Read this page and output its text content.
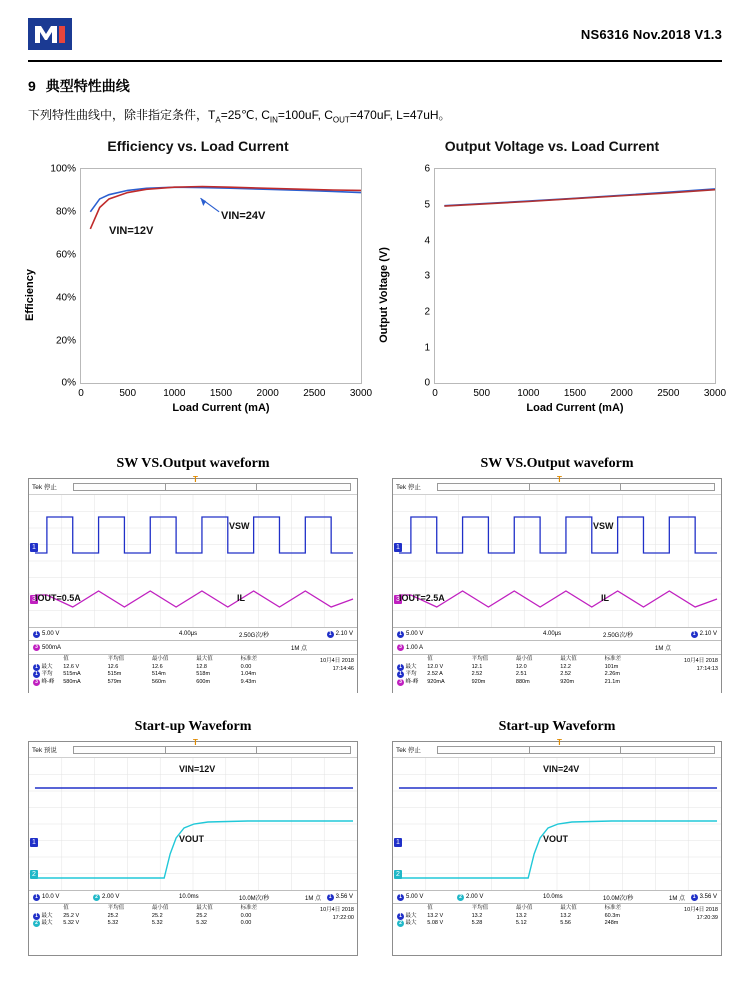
NS6316 Nov.2018 V1.3
9 典型特性曲线
下列特性曲线中，除非指定条件，$T_A=25℃$, $C_{IN}=100uF$, $C_{OUT}=470uF$, L=47uH。
Efficiency vs. Load Current
Efficiency
100%
80%
60%
40%
20%
0%
0	500	1000 1500 2000 2500 3000
VIN=24V
VIN=12V
Load Current (mA)
Output Voltage vs. Load Current
Output Voltage (V)
6
5
4
3
2
1
0
0	500	1000 1500 2000 2500 3000
Load Current (mA)
SW VS.Output waveform
Tek 停止
T
1
3
VSW
IL
IOUT=0.5A
1 5.00 V	4.00μs	2.50G次/秒	1 2.10 V
3 500mA	1M 点
	值	平均值	最小值	最大值	标准差
1 最大	12.6 V	12.6	12.6	12.8	0.00
1 平均	515mA	515m	514m	518m	1.04m
3 峰-峰	580mA	579m	560m	600m	9.43m
10月4日 2018
17:14:46
SW VS.Output waveform
Tek 停止
T
1
3
VSW
IL
IOUT=2.5A
1 5.00 V	4.00μs	2.50G次/秒	1 2.10 V
3 1.00 A	1M 点
	值	平均值	最小值	最大值	标准差
1 最大	12.0 V	12.1	12.0	12.2	101m
1 平均	2.52 A	2.52	2.51	2.52	2.26m
3 峰-峰	920mA	920m	880m	920m	21.1m
10月4日 2018
17:14:13
Start-up Waveform
Tek 预说
T
1
2
VIN=12V
VOUT
1 10.0 V	2 2.00 V	10.0ms	10.0M次/秒	1M 点	1 3.56 V
	值	平均值	最小值	最大值	标准差
1 最大	25.2 V	25.2	25.2	25.2	0.00
2 最大	5.32 V	5.32	5.32	5.32	0.00
10月4日 2018
17:22:00
Start-up Waveform
Tek 停止
T
1
2
VIN=24V
VOUT
1 5.00 V	2 2.00 V	10.0ms	10.0M次/秒	1M 点	1 3.56 V
	值	平均值	最小值	最大值	标准差
1 最大	13.2 V	13.2	13.2	13.2	60.3m
2 最大	5.08 V	5.28	5.12	5.56	248m
10月4日 2018
17:20:39
